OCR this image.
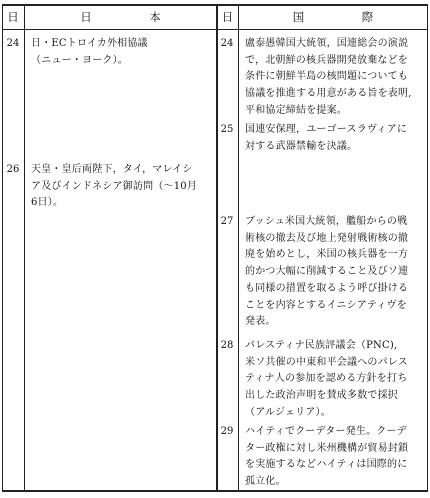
日	日　　　　　本	日	国　　　　　際
24	日・ECトロイカ外相協議
（ニュー・ヨーク）。
26	天皇・皇后両陛下，タイ，マレイシ
ア及びインドネシア御訪問（〜10月
6日）。
24	盧泰愚韓国大統領，国連総会の演説
で，北朝鮮の核兵器開発放棄などを
条件に朝鮮半島の核問題についても
協議を推進する用意がある旨を表明,
平和協定締結を提案。
25	国連安保理，ユーゴースラヴィアに
対する武器禁輸を決議。
27	ブッシュ米国大統領，艦船からの戦
術核の撤去及び地上発射戦術核の撤
廃を始めとし，米国の核兵器を一方
的かつ大幅に削減すること及びソ連
も同様の措置を取るよう呼び掛ける
ことを内容とするイニシアティヴを
発表。
28	パレスティナ民族評議会（PNC),
米ソ共催の中東和平会議へのパレス
ティナ人の参加を認める方針を打ち
出した政治声明を賛成多数で採択
（アルジェリア）。
29	ハイティでクーデター発生。クーデ
ター政権に対し米州機構が貿易封鎖
を実施するなどハイティは国際的に
孤立化。
